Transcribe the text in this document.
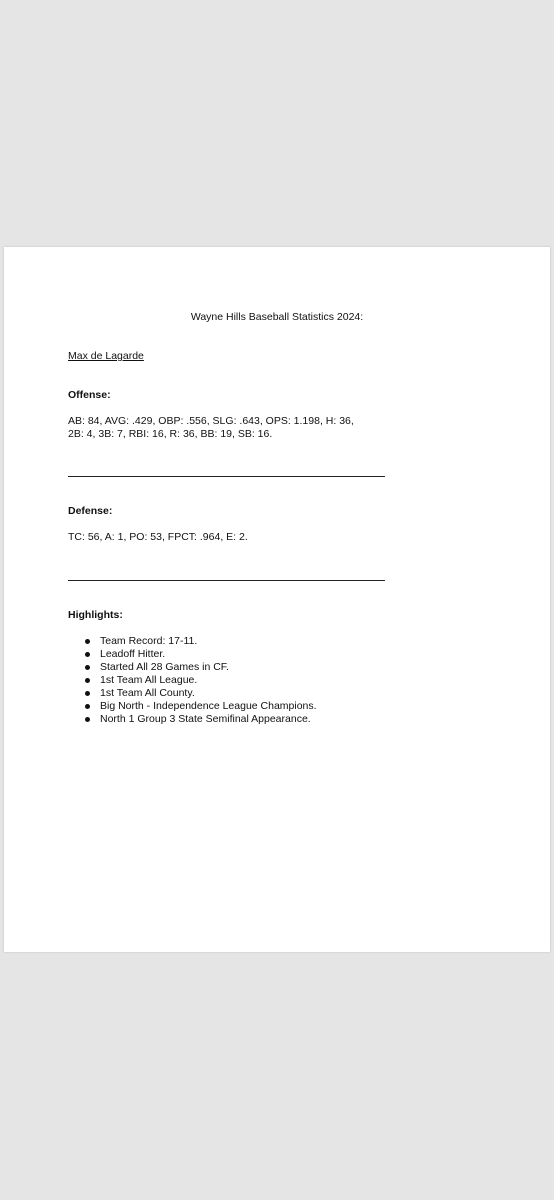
Wayne Hills Baseball Statistics 2024:
Max de Lagarde
Offense:
AB: 84, AVG: .429, OBP: .556, SLG: .643, OPS: 1.198, H: 36,
2B: 4, 3B: 7, RBI: 16, R: 36, BB: 19, SB: 16.
Defense:
TC: 56, A: 1, PO: 53, FPCT: .964, E: 2.
Highlights:
Team Record: 17-11.
Leadoff Hitter.
Started All 28 Games in CF.
1st Team All League.
1st Team All County.
Big North - Independence League Champions.
North 1 Group 3 State Semifinal Appearance.
